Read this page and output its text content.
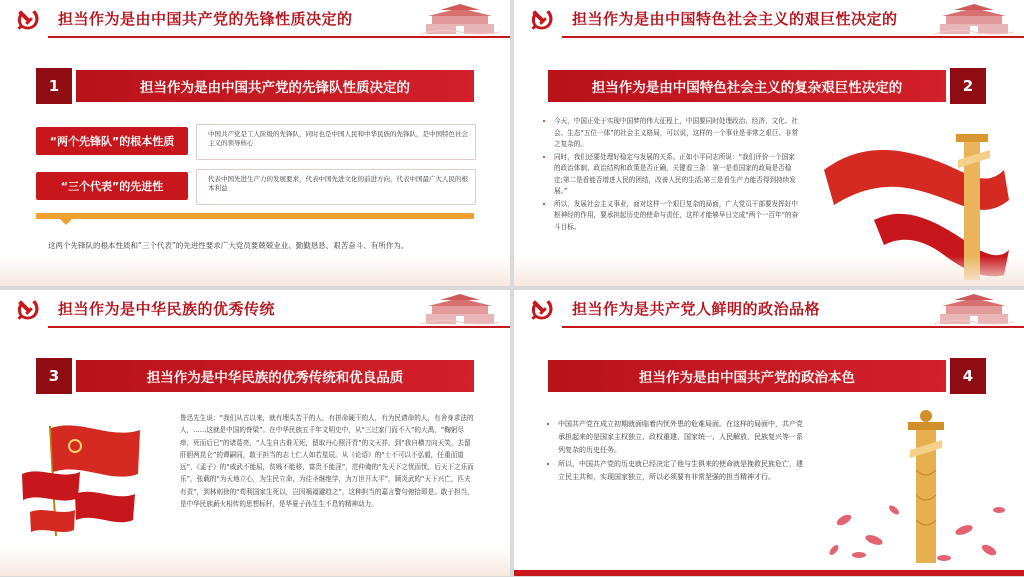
担当作为是由中国共产党的先锋性质决定的
1	担当作为是由中国共产党的先锋队性质决定的
“两个先锋队”的根本性质
中国共产党是工人阶级的先锋队，同时也是中国人民和中华民族的先锋队，是中国特色社会主义的领导核心
“三个代表”的先进性
代表中国先进生产力的发展要求，代表中国先进文化的前进方向，代表中国最广大人民的根本利益
这两个先锋队的根本性质和“三个代表”的先进性要求广大党员要兢兢业业、勤勤恳恳、艰苦奋斗、有所作为。
担当作为是由中国特色社会主义的艰巨性决定的
担当作为是由中国特色社会主义的复杂艰巨性决定的	2
• 今天，中国正处于实现中国梦的伟大征程上，中国要同时处理政治、经济、文化、社会、生态“五位一体”的社会主义格局，可以说，这样的一个事业是非常之艰巨、非常之复杂的。
• 同时，我们还要处理好稳定与发展的关系。正如小平同志所说：“我们评价一个国家的政治体制、政治结构和政策是否正确，关键看三条：第一是看国家的政局是否稳定;第二是看能否增进人民的团结，改善人民的生活;第三是看生产力能否得到持续发展。”
• 所以，发展社会主义事业，面对这样一个艰巨复杂的局面，广大党员干部要发挥好中枢神经的作用，要承担起历史的使命与责任，这样才能够早日完成“两个一百年”的奋斗目标。
担当作为是中华民族的优秀传统
3	担当作为是中华民族的优秀传统和优良品质
鲁迅先生说：“我们从古以来，就有埋头苦干的人，有拼命硬干的人，有为民请命的人，有舍身求法的人，……这就是中国的脊梁”。在中华民族五千年文明史中，从“三过家门而不入”的大禹，“鞠躬尽瘁，死而后已”的诸葛亮，“人生自古谁无死，留取丹心照汗青”的文天祥，到“我自横刀向天笑，去留肝胆两昆仑”的谭嗣同，敢于担当的志士仁人如若星辰。从《论语》的“士不可以不弘毅，任重而道远”，《孟子》的“威武不能屈，贫贱不能移，富贵不能淫”，范仲淹的“先天下之忧而忧，后天下之乐而乐”，张载的“为天地立心，为生民立命，为往圣继绝学，为万世开太平”，顾炎武的“天下兴亡，匹夫有责”，到林则徐的“苟利国家生死以，岂因祸福避趋之”，这种担当的嘉言警句俯拾即是。敢于担当，是中华民族薪火相传的思想标杆，是华夏子孙生生不息的精神动力。
担当作为是共产党人鲜明的政治品格
担当作为是由中国共产党的政治本色	4
• 中国共产党在成立初期就面临着内忧外患的危难局面。在这样的局面中，共产党承担起来的是国家主权独立、政权重建、国家统一、人民解放、民族复兴等一系列复杂的历史任务。
• 所以，中国共产党的历史就已经决定了他与生俱来的使命就是挽救民族危亡，建立民主共和，实现国家独立，所以必须要有非常坚强的担当精神才行。
